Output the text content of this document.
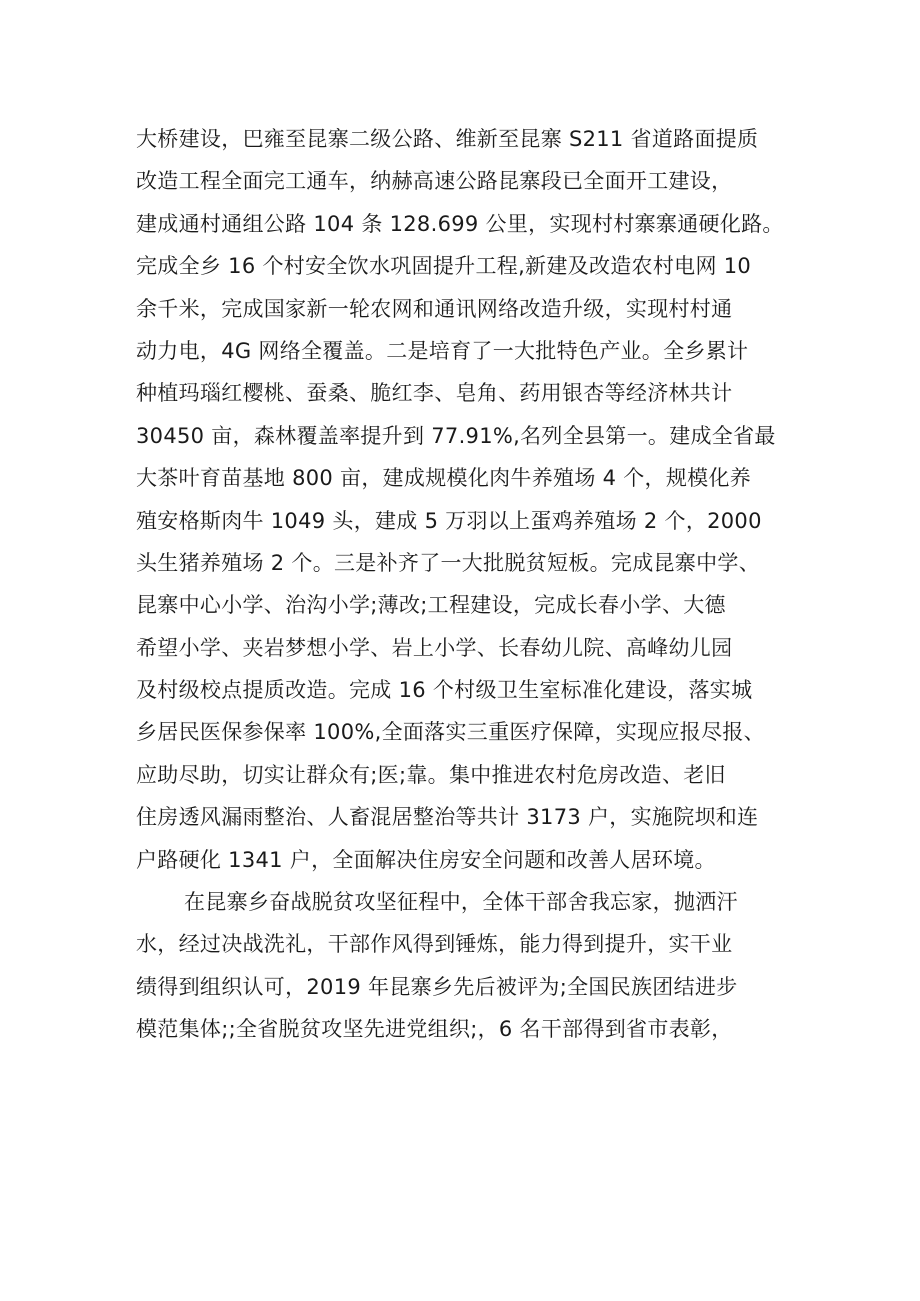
大桥建设，巴雍至昆寨二级公路、维新至昆寨 S211 省道路面提质
改造工程全面完工通车，纳赫高速公路昆寨段已全面开工建设，
建成通村通组公路 104 条 128.699 公里，实现村村寨寨通硬化路。
完成全乡 16 个村安全饮水巩固提升工程,新建及改造农村电网 10
余千米，完成国家新一轮农网和通讯网络改造升级，实现村村通
动力电，4G 网络全覆盖。二是培育了一大批特色产业。全乡累计
种植玛瑙红樱桃、蚕桑、脆红李、皂角、药用银杏等经济林共计
30450 亩，森林覆盖率提升到 77.91%,名列全县第一。建成全省最
大茶叶育苗基地 800 亩，建成规模化肉牛养殖场 4 个，规模化养
殖安格斯肉牛 1049 头，建成 5 万羽以上蛋鸡养殖场 2 个，2000
头生猪养殖场 2 个。三是补齐了一大批脱贫短板。完成昆寨中学、
昆寨中心小学、治沟小学;薄改;工程建设，完成长春小学、大德
希望小学、夹岩梦想小学、岩上小学、长春幼儿院、高峰幼儿园
及村级校点提质改造。完成 16 个村级卫生室标准化建设，落实城
乡居民医保参保率 100%,全面落实三重医疗保障，实现应报尽报、
应助尽助，切实让群众有;医;靠。集中推进农村危房改造、老旧
住房透风漏雨整治、人畜混居整治等共计 3173 户，实施院坝和连
户路硬化 1341 户，全面解决住房安全问题和改善人居环境。
在昆寨乡奋战脱贫攻坚征程中，全体干部舍我忘家，抛洒汗
水，经过决战洗礼，干部作风得到锤炼，能力得到提升，实干业
绩得到组织认可，2019 年昆寨乡先后被评为;全国民族团结进步
模范集体;;全省脱贫攻坚先进党组织;，6 名干部得到省市表彰，
